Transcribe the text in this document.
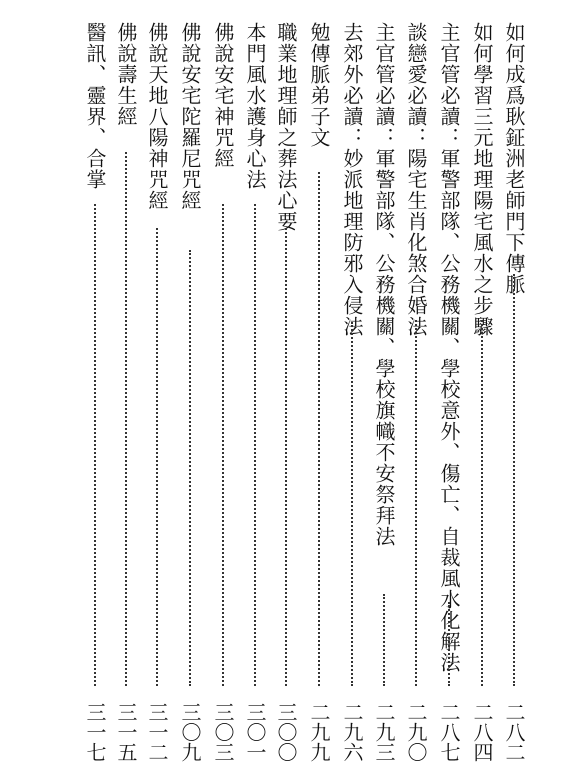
如何成爲耿鉦洲老師門下傳脈
二八二
如何學習三元地理陽宅風水之步驟
二八四
主官管必讀：軍警部隊、公務機關、學校意外、傷亡、自裁風水化解法
二八七
談戀愛必讀：陽宅生肖化煞合婚法
二九〇
主官管必讀：軍警部隊、公務機關、學校旗幟不安祭拜法
二九三
去郊外必讀：妙派地理防邪入侵法
二九六
勉傳脈弟子文
二九九
職業地理師之葬法心要
三〇〇
本門風水護身心法
三〇一
佛說安宅神咒經
三〇三
佛說安宅陀羅尼咒經
三〇九
佛說天地八陽神咒經
三一二
佛說壽生經
三一五
醫訊、靈界、合掌
三一七
